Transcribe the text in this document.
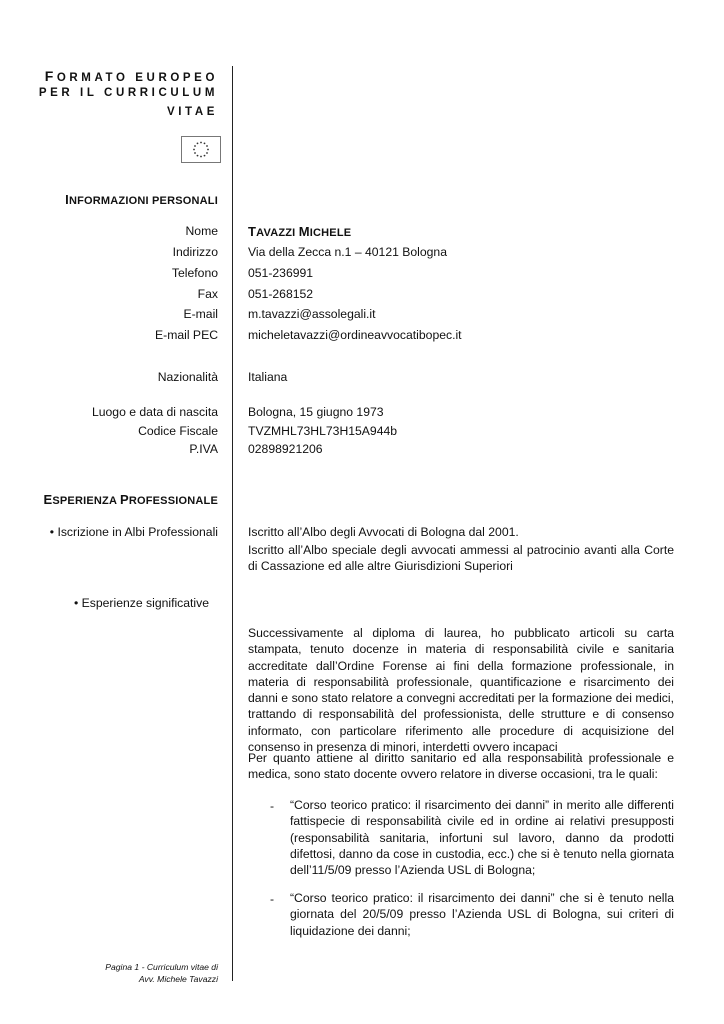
FORMATO EUROPEO
PER IL CURRICULUM
VITAE
INFORMAZIONI PERSONALI
Nome TAVAZZI MICHELE
Indirizzo Via della Zecca n.1 – 40121 Bologna
Telefono 051-236991
Fax 051-268152
E-mail m.tavazzi@assolegali.it
E-mail PEC micheletavazzi@ordineavvocatibopec.it
Nazionalità Italiana
Luogo e data di nascita Bologna, 15 giugno 1973
Codice Fiscale TVZMHL73HL73H15A944b
P.IVA 02898921206
ESPERIENZA PROFESSIONALE
• Iscrizione in Albi Professionali Iscritto all’Albo degli Avvocati di Bologna dal 2001.
Iscritto all’Albo speciale degli avvocati ammessi al patrocinio avanti alla Corte di Cassazione ed alle altre Giurisdizioni Superiori
• Esperienze significative
Successivamente al diploma di laurea, ho pubblicato articoli su carta stampata, tenuto docenze in materia di responsabilità civile e sanitaria accreditate dall’Ordine Forense ai fini della formazione professionale, in materia di responsabilità professionale, quantificazione e risarcimento dei danni e sono stato relatore a convegni accreditati per la formazione dei medici, trattando di responsabilità del professionista, delle strutture e di consenso informato, con particolare riferimento alle procedure di acquisizione del consenso in presenza di minori, interdetti ovvero incapaci
Per quanto attiene al diritto sanitario ed alla responsabilità professionale e medica, sono stato docente ovvero relatore in diverse occasioni, tra le quali:
- “Corso teorico pratico: il risarcimento dei danni” in merito alle differenti fattispecie di responsabilità civile ed in ordine ai relativi presupposti (responsabilità sanitaria, infortuni sul lavoro, danno da prodotti difettosi, danno da cose in custodia, ecc.) che si è tenuto nella giornata dell’11/5/09 presso l’Azienda USL di Bologna;
- “Corso teorico pratico: il risarcimento dei danni” che si è tenuto nella giornata del 20/5/09 presso l’Azienda USL di Bologna, sui criteri di liquidazione dei danni;
Pagina 1 - Curriculum vitae di
Avv. Michele Tavazzi
